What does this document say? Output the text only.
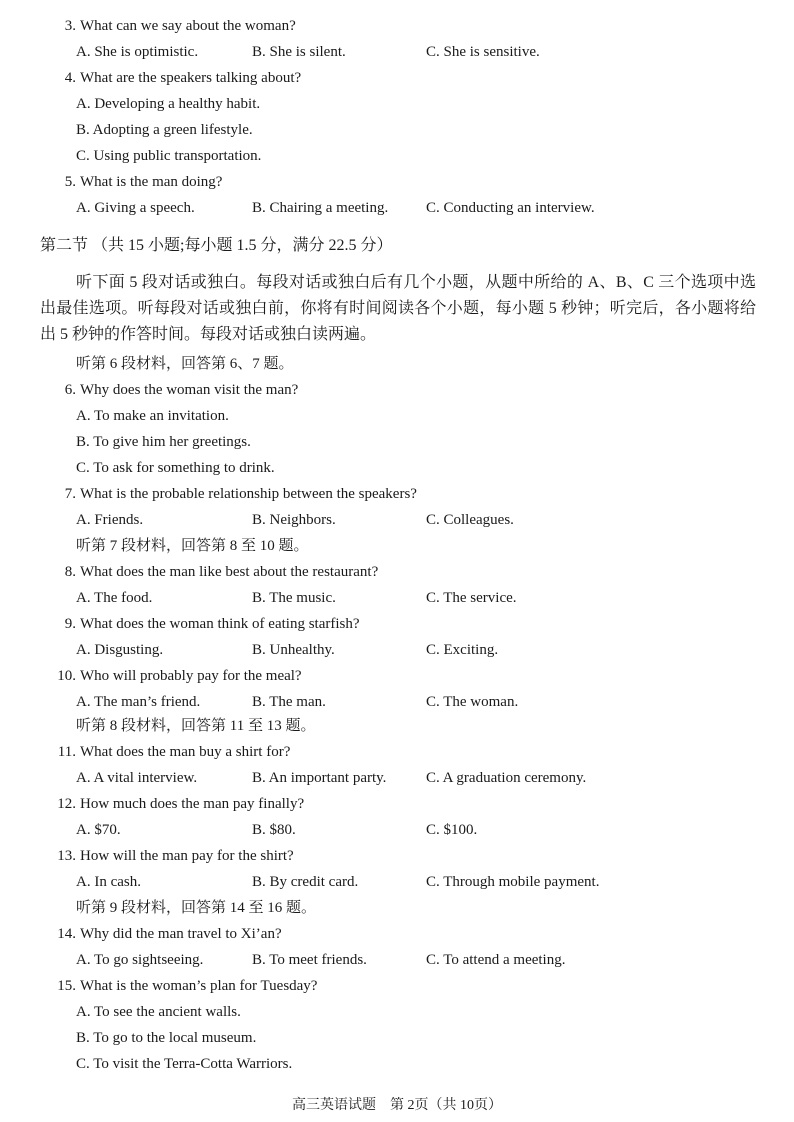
3. What can we say about the woman?
A. She is optimistic.	B. She is silent.	C. She is sensitive.
4. What are the speakers talking about?
A. Developing a healthy habit.
B. Adopting a green lifestyle.
C. Using public transportation.
5. What is the man doing?
A. Giving a speech.	B. Chairing a meeting.	C. Conducting an interview.
第二节 （共 15 小题;每小题 1.5 分，满分 22.5 分）
听下面 5 段对话或独白。每段对话或独白后有几个小题，从题中所给的 A、B、C 三个选项中选出最佳选项。听每段对话或独白前，你将有时间阅读各个小题，每小题 5 秒钟；听完后，各小题将给出 5 秒钟的作答时间。每段对话或独白读两遍。
听第 6 段材料，回答第 6、7 题。
6. Why does the woman visit the man?
A. To make an invitation.
B. To give him her greetings.
C. To ask for something to drink.
7. What is the probable relationship between the speakers?
A. Friends.	B. Neighbors.	C. Colleagues.
听第 7 段材料，回答第 8 至 10 题。
8. What does the man like best about the restaurant?
A. The food.	B. The music.	C. The service.
9. What does the woman think of eating starfish?
A. Disgusting.	B. Unhealthy.	C. Exciting.
10. Who will probably pay for the meal?
A. The man’s friend.	B. The man.	C. The woman.
听第 8 段材料，回答第 11 至 13 题。
11. What does the man buy a shirt for?
A. A vital interview.	B. An important party.	C. A graduation ceremony.
12. How much does the man pay finally?
A. $70.	B. $80.	C. $100.
13. How will the man pay for the shirt?
A. In cash.	B. By credit card.	C. Through mobile payment.
听第 9 段材料，回答第 14 至 16 题。
14. Why did the man travel to Xi’an?
A. To go sightseeing.	B. To meet friends.	C. To attend a meeting.
15. What is the woman’s plan for Tuesday?
A. To see the ancient walls.
B. To go to the local museum.
C. To visit the Terra-Cotta Warriors.
高三英语试题　第 2页（共 10页）
